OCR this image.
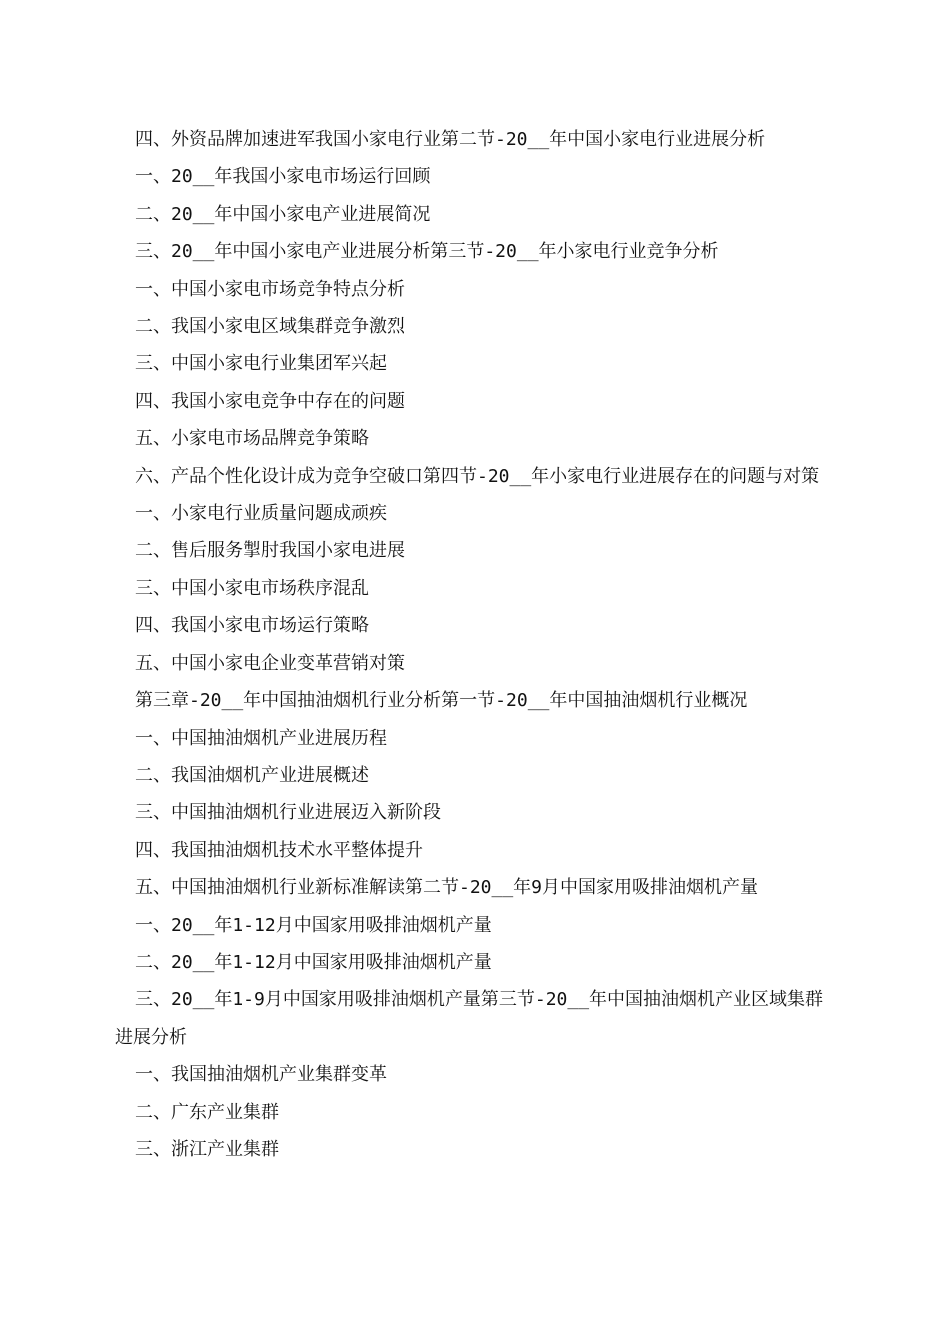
四、外资品牌加速进军我国小家电行业第二节-20__年中国小家电行业进展分析
一、20__年我国小家电市场运行回顾
二、20__年中国小家电产业进展简况
三、20__年中国小家电产业进展分析第三节-20__年小家电行业竞争分析
一、中国小家电市场竞争特点分析
二、我国小家电区域集群竞争激烈
三、中国小家电行业集团军兴起
四、我国小家电竞争中存在的问题
五、小家电市场品牌竞争策略
六、产品个性化设计成为竞争空破口第四节-20__年小家电行业进展存在的问题与对策
一、小家电行业质量问题成顽疾
二、售后服务掣肘我国小家电进展
三、中国小家电市场秩序混乱
四、我国小家电市场运行策略
五、中国小家电企业变革营销对策
第三章-20__年中国抽油烟机行业分析第一节-20__年中国抽油烟机行业概况
一、中国抽油烟机产业进展历程
二、我国油烟机产业进展概述
三、中国抽油烟机行业进展迈入新阶段
四、我国抽油烟机技术水平整体提升
五、中国抽油烟机行业新标准解读第二节-20__年9月中国家用吸排油烟机产量
一、20__年1-12月中国家用吸排油烟机产量
二、20__年1-12月中国家用吸排油烟机产量
三、20__年1-9月中国家用吸排油烟机产量第三节-20__年中国抽油烟机产业区域集群进展分析
一、我国抽油烟机产业集群变革
二、广东产业集群
三、浙江产业集群
